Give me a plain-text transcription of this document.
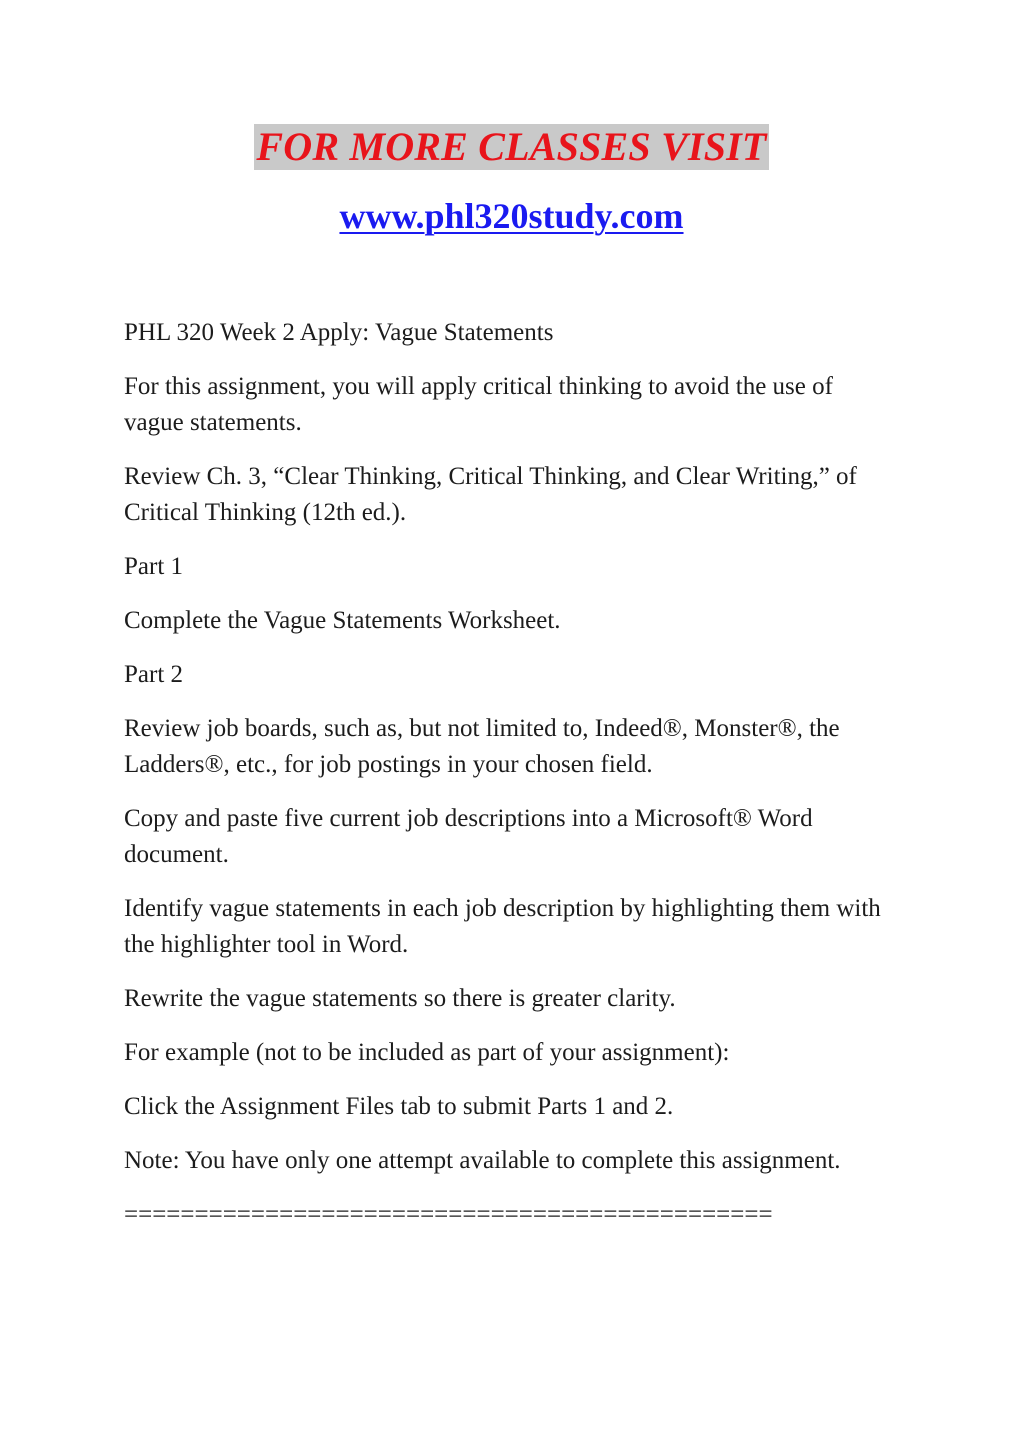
FOR MORE CLASSES VISIT
www.phl320study.com

PHL 320 Week 2 Apply: Vague Statements

For this assignment, you will apply critical thinking to avoid the use of vague statements.

Review Ch. 3, “Clear Thinking, Critical Thinking, and Clear Writing,” of Critical Thinking (12th ed.).

Part 1

Complete the Vague Statements Worksheet.

Part 2

Review job boards, such as, but not limited to, Indeed®, Monster®, the Ladders®, etc., for job postings in your chosen field.

Copy and paste five current job descriptions into a Microsoft® Word document.

Identify vague statements in each job description by highlighting them with the highlighter tool in Word.

Rewrite the vague statements so there is greater clarity.

For example (not to be included as part of your assignment):

Click the Assignment Files tab to submit Parts 1 and 2.

Note: You have only one attempt available to complete this assignment.

==============================================
